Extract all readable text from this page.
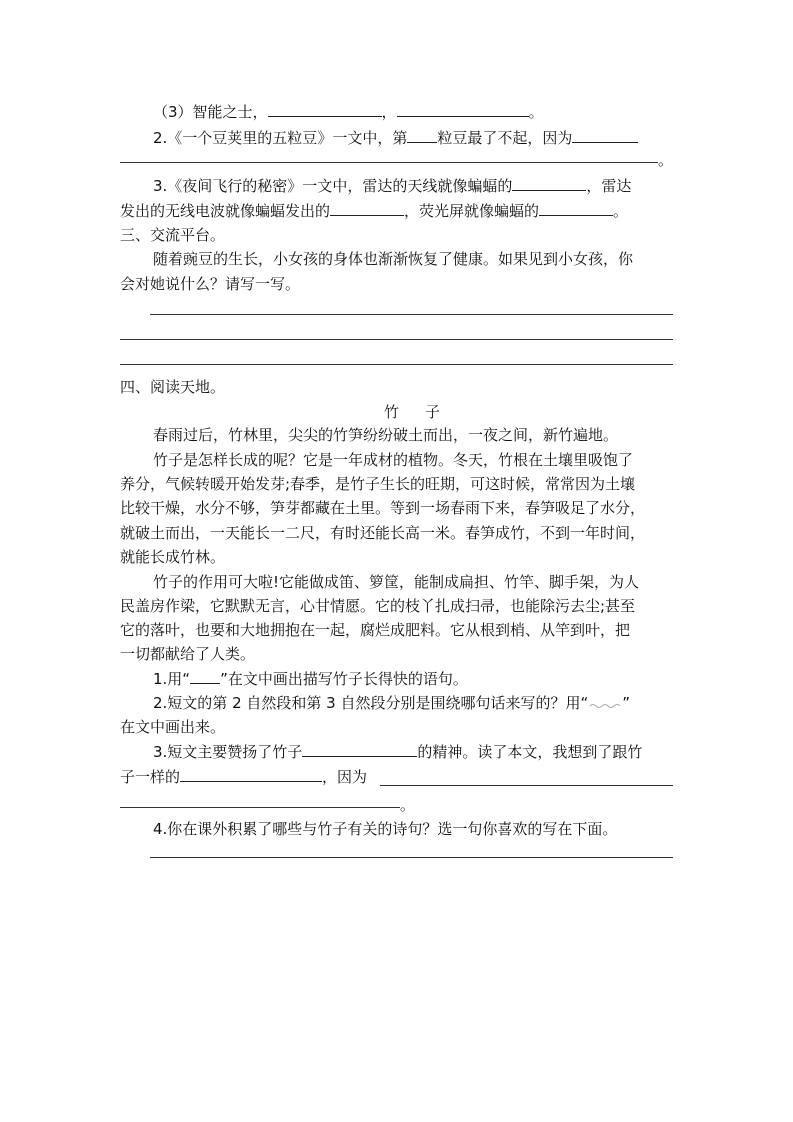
（3）智能之士，	，	。
2.《一个豆荚里的五粒豆》一文中，第 粒豆最了不起，因为
。
3.《夜间飞行的秘密》一文中，雷达的天线就像蝙蝠的	，雷达
发出的无线电波就像蝙蝠发出的	，荧光屏就像蝙蝠的	。
三、交流平台。
随着豌豆的生长，小女孩的身体也渐渐恢复了健康。如果见到小女孩，你
会对她说什么？请写一写。
四、阅读天地。
竹 子
春雨过后，竹林里，尖尖的竹笋纷纷破土而出，一夜之间，新竹遍地。
竹子是怎样长成的呢？它是一年成材的植物。冬天，竹根在土壤里吸饱了
养分，气候转暖开始发芽;春季，是竹子生长的旺期，可这时候，常常因为土壤
比较干燥，水分不够，笋芽都藏在土里。等到一场春雨下来，春笋吸足了水分，
就破土而出，一天能长一二尺，有时还能长高一米。春笋成竹，不到一年时间，
就能长成竹林。
竹子的作用可大啦!它能做成笛、箩筐，能制成扁担、竹竿、脚手架，为人
民盖房作梁，它默默无言，心甘情愿。它的枝丫扎成扫帚，也能除污去尘;甚至
它的落叶，也要和大地拥抱在一起，腐烂成肥料。它从根到梢、从竿到叶，把
一切都献给了人类。
1.用“ ”在文中画出描写竹子长得快的语句。
2.短文的第 2 自然段和第 3 自然段分别是围绕哪句话来写的？用“ ”
在文中画出来。
3.短文主要赞扬了竹子	的精神。读了本文，我想到了跟竹
子一样的	，因为
。
4.你在课外积累了哪些与竹子有关的诗句？选一句你喜欢的写在下面。
